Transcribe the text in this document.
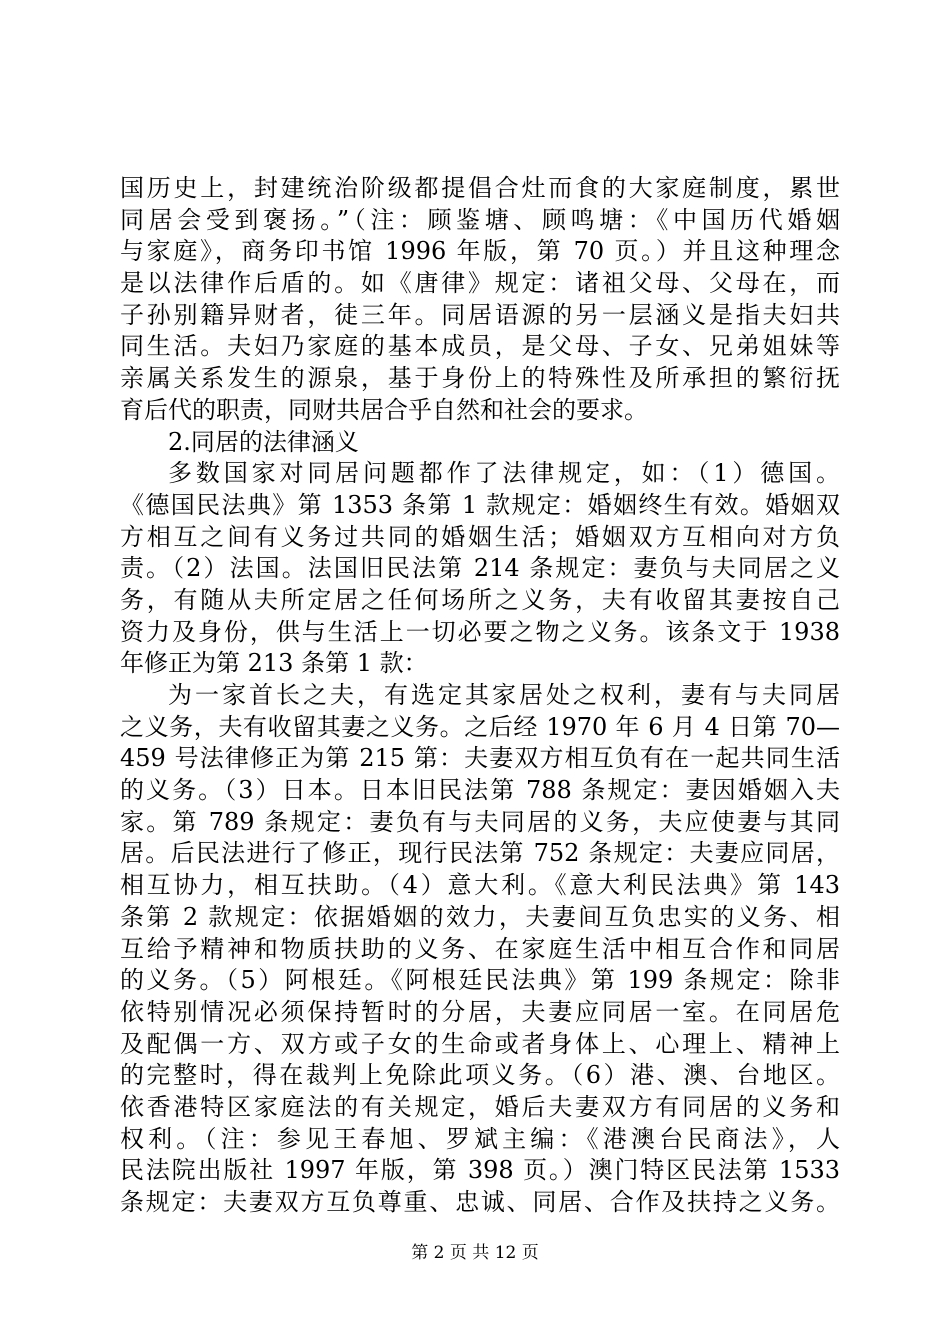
国历史上，封建统治阶级都提倡合灶而食的大家庭制度，累世
同居会受到褒扬。”（注：顾鉴塘、顾鸣塘：《中国历代婚姻
与家庭》，商务印书馆 1996 年版，第 70 页。）并且这种理念
是以法律作后盾的。如《唐律》规定：诸祖父母、父母在，而
子孙别籍异财者，徒三年。同居语源的另一层涵义是指夫妇共
同生活。夫妇乃家庭的基本成员，是父母、子女、兄弟姐妹等
亲属关系发生的源泉，基于身份上的特殊性及所承担的繁衍抚
育后代的职责，同财共居合乎自然和社会的要求。
2.同居的法律涵义
多数国家对同居问题都作了法律规定，如：（1）德国。
《德国民法典》第 1353 条第 1 款规定：婚姻终生有效。婚姻双
方相互之间有义务过共同的婚姻生活；婚姻双方互相向对方负
责。（2）法国。法国旧民法第 214 条规定：妻负与夫同居之义
务，有随从夫所定居之任何场所之义务，夫有收留其妻按自己
资力及身份，供与生活上一切必要之物之义务。该条文于 1938
年修正为第 213 条第 1 款：
为一家首长之夫，有选定其家居处之权利，妻有与夫同居
之义务，夫有收留其妻之义务。之后经 1970 年 6 月 4 日第 70—
459 号法律修正为第 215 第：夫妻双方相互负有在一起共同生活
的义务。（3）日本。日本旧民法第 788 条规定：妻因婚姻入夫
家。第 789 条规定：妻负有与夫同居的义务，夫应使妻与其同
居。后民法进行了修正，现行民法第 752 条规定：夫妻应同居，
相互协力，相互扶助。（4）意大利。《意大利民法典》第 143
条第 2 款规定：依据婚姻的效力，夫妻间互负忠实的义务、相
互给予精神和物质扶助的义务、在家庭生活中相互合作和同居
的义务。（5）阿根廷。《阿根廷民法典》第 199 条规定：除非
依特别情况必须保持暂时的分居，夫妻应同居一室。在同居危
及配偶一方、双方或子女的生命或者身体上、心理上、精神上
的完整时，得在裁判上免除此项义务。（6）港、澳、台地区。
依香港特区家庭法的有关规定，婚后夫妻双方有同居的义务和
权利。（注：参见王春旭、罗斌主编：《港澳台民商法》，人
民法院出版社 1997 年版，第 398 页。）澳门特区民法第 1533
条规定：夫妻双方互负尊重、忠诚、同居、合作及扶持之义务。
第 2 页 共 12 页
